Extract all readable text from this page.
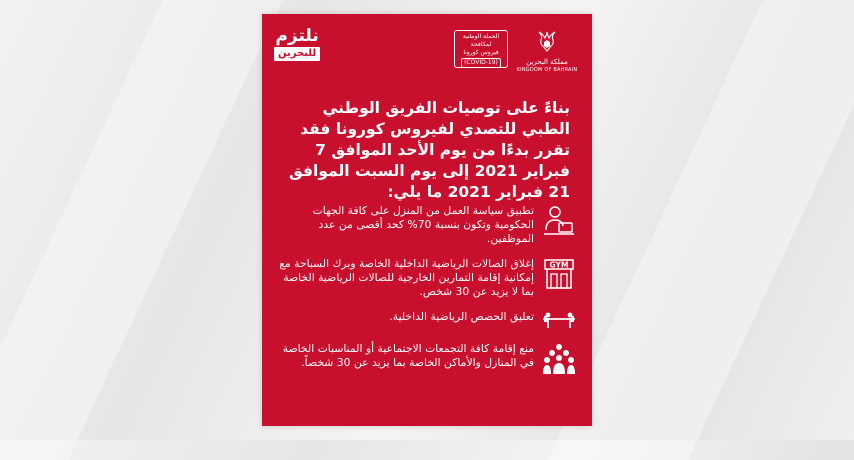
مملكة البحرين
KINGDOM OF BAHRAIN
الحملة الوطنية
لمكافحة
فيروس كورونا
(COVID-19)
نلتزم
للبحرين
بناءً على توصيات الفريق الوطني الطبي للتصدي لفيروس كورونا فقد تقرر بدءًا من يوم الأحد الموافق 7 فبراير 2021 إلى يوم السبت الموافق 21 فبراير 2021 ما يلي:
تطبيق سياسة العمل من المنزل على كافة الجهات الحكومية وتكون بنسبة 70% كحد أقصى من عدد الموظفين.
GYM
إغلاق الصالات الرياضية الداخلية الخاصة وبرك السباحة مع إمكانية إقامة التمارين الخارجية للصالات الرياضية الخاصة بما لا يزيد عن 30 شخص.
تعليق الحصص الرياضية الداخلية.
منع إقامة كافة التجمعات الاجتماعية أو المناسبات الخاصة في المنازل والأماكن الخاصة بما يزيد عن 30 شخصاً.
